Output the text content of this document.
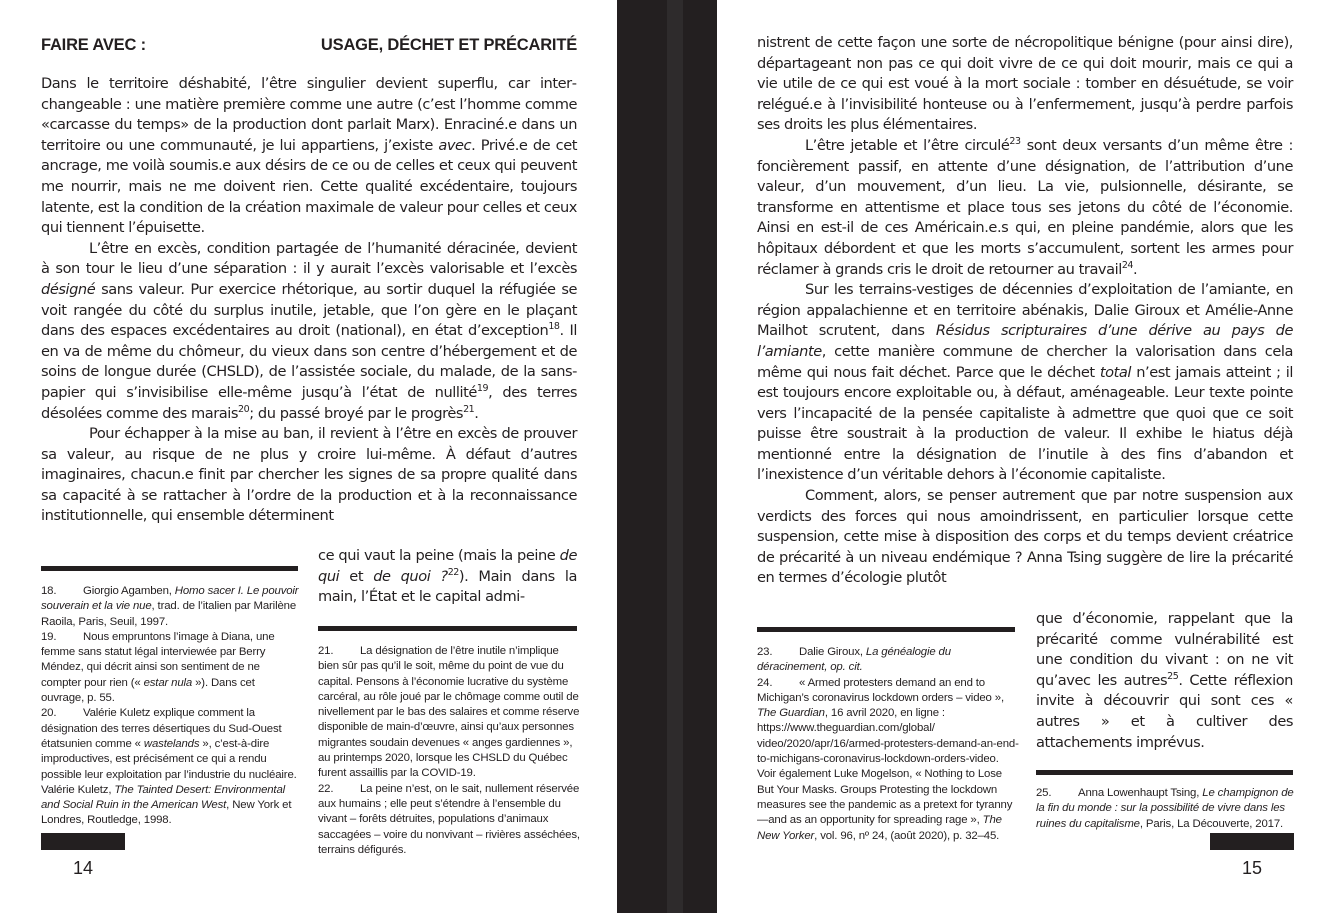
FAIRE AVEC :	USAGE, DÉCHET ET PRÉCARITÉ

Dans le territoire déshabité, l’être singulier devient superflu, car interchangeable : une matière première comme une autre (c’est l’homme comme «carcasse du temps» de la production dont parlait Marx). Enraciné.e dans un territoire ou une communauté, je lui appartiens, j’existe avec. Privé.e de cet ancrage, me voilà soumis.e aux désirs de ce ou de celles et ceux qui peuvent me nourrir, mais ne me doivent rien. Cette qualité excédentaire, toujours latente, est la condition de la création maximale de valeur pour celles et ceux qui tiennent l’épuisette.

L’être en excès, condition partagée de l’humanité déracinée, devient à son tour le lieu d’une séparation : il y aurait l’excès valorisable et l’excès désigné sans valeur. Pur exercice rhétorique, au sortir duquel la réfugiée se voit rangée du côté du surplus inutile, jetable, que l’on gère en le plaçant dans des espaces excédentaires au droit (national), en état d’exception$^{18}$. Il en va de même du chômeur, du vieux dans son centre d’hébergement et de soins de longue durée (CHSLD), de l’assistée sociale, du malade, de la sans-papier qui s’invisibilise elle-même jusqu’à l’état de nullité$^{19}$, des terres désolées comme des marais$^{20}$; du passé broyé par le progrès$^{21}$.

Pour échapper à la mise au ban, il revient à l’être en excès de prouver sa valeur, au risque de ne plus y croire lui-même. À défaut d’autres imaginaires, chacun.e finit par chercher les signes de sa propre qualité dans sa capacité à se rattacher à l’ordre de la production et à la reconnaissance institutionnelle, qui ensemble déterminent

ce qui vaut la peine (mais la peine de qui et de quoi ?$^{22}$). Main dans la main, l’État et le capital admi-

18. Giorgio Agamben, Homo sacer I. Le pouvoir souverain et la vie nue, trad. de l’italien par Marilène Raoila, Paris, Seuil, 1997.

19. Nous empruntons l’image à Diana, une femme sans statut légal interviewée par Berry Méndez, qui décrit ainsi son sentiment de ne compter pour rien (« estar nula »). Dans cet ouvrage, p. 55.

20. Valérie Kuletz explique comment la désignation des terres désertiques du Sud-Ouest étatsunien comme « wastelands », c’est-à-dire improductives, est précisément ce qui a rendu possible leur exploitation par l’industrie du nucléaire. Valérie Kuletz, The Tainted Desert: Environmental and Social Ruin in the American West, New York et Londres, Routledge, 1998.

21. La désignation de l’être inutile n’implique bien sûr pas qu’il le soit, même du point de vue du capital. Pensons à l’économie lucrative du système carcéral, au rôle joué par le chômage comme outil de nivellement par le bas des salaires et comme réserve disponible de main-d’œuvre, ainsi qu’aux personnes migrantes soudain devenues « anges gardiennes », au printemps 2020, lorsque les CHSLD du Québec furent assaillis par la COVID-19.

22. La peine n’est, on le sait, nullement réservée aux humains ; elle peut s’étendre à l’ensemble du vivant – forêts détruites, populations d’animaux saccagées – voire du nonvivant – rivières asséchées, terrains défigurés.

14

nistrent de cette façon une sorte de nécropolitique bénigne (pour ainsi dire), départageant non pas ce qui doit vivre de ce qui doit mourir, mais ce qui a vie utile de ce qui est voué à la mort sociale : tomber en désuétude, se voir relégué.e à l’invisibilité honteuse ou à l’enfermement, jusqu’à perdre parfois ses droits les plus élémentaires.

L’être jetable et l’être circulé$^{23}$ sont deux versants d’un même être : foncièrement passif, en attente d’une désignation, de l’attribution d’une valeur, d’un mouvement, d’un lieu. La vie, pulsionnelle, désirante, se transforme en attentisme et place tous ses jetons du côté de l’économie. Ainsi en est-il de ces Américain.e.s qui, en pleine pandémie, alors que les hôpitaux débordent et que les morts s’accumulent, sortent les armes pour réclamer à grands cris le droit de retourner au travail$^{24}$.

Sur les terrains-vestiges de décennies d’exploitation de l’amiante, en région appalachienne et en territoire abénakis, Dalie Giroux et Amélie-Anne Mailhot scrutent, dans Résidus scripturaires d’une dérive au pays de l’amiante, cette manière commune de chercher la valorisation dans cela même qui nous fait déchet. Parce que le déchet total n’est jamais atteint ; il est toujours encore exploitable ou, à défaut, aménageable. Leur texte pointe vers l’incapacité de la pensée capitaliste à admettre que quoi que ce soit puisse être soustrait à la production de valeur. Il exhibe le hiatus déjà mentionné entre la désignation de l’inutile à des fins d’abandon et l’inexistence d’un véritable dehors à l’économie capitaliste.

Comment, alors, se penser autrement que par notre suspension aux verdicts des forces qui nous amoindrissent, en particulier lorsque cette suspension, cette mise à disposition des corps et du temps devient créatrice de précarité à un niveau endémique ? Anna Tsing suggère de lire la précarité en termes d’écologie plutôt

que d’économie, rappelant que la précarité comme vulnérabilité est une condition du vivant : on ne vit qu’avec les autres$^{25}$. Cette réflexion invite à découvrir qui sont ces « autres » et à cultiver des attachements imprévus.

23. Dalie Giroux, La généalogie du déracinement, op. cit.

24. « Armed protesters demand an end to Michigan’s coronavirus lockdown orders – video », The Guardian, 16 avril 2020, en ligne : https://www.theguardian.com/global/ video/2020/apr/16/armed-protesters-demand-an-end-to-michigans-coronavirus-lockdown-orders-video. Voir également Luke Mogelson, « Nothing to Lose But Your Masks. Groups Protesting the lockdown measures see the pandemic as a pretext for tyranny—and as an opportunity for spreading rage », The New Yorker, vol. 96, nº 24, (août 2020), p. 32–45.

25. Anna Lowenhaupt Tsing, Le champignon de la fin du monde : sur la possibilité de vivre dans les ruines du capitalisme, Paris, La Découverte, 2017.

15
